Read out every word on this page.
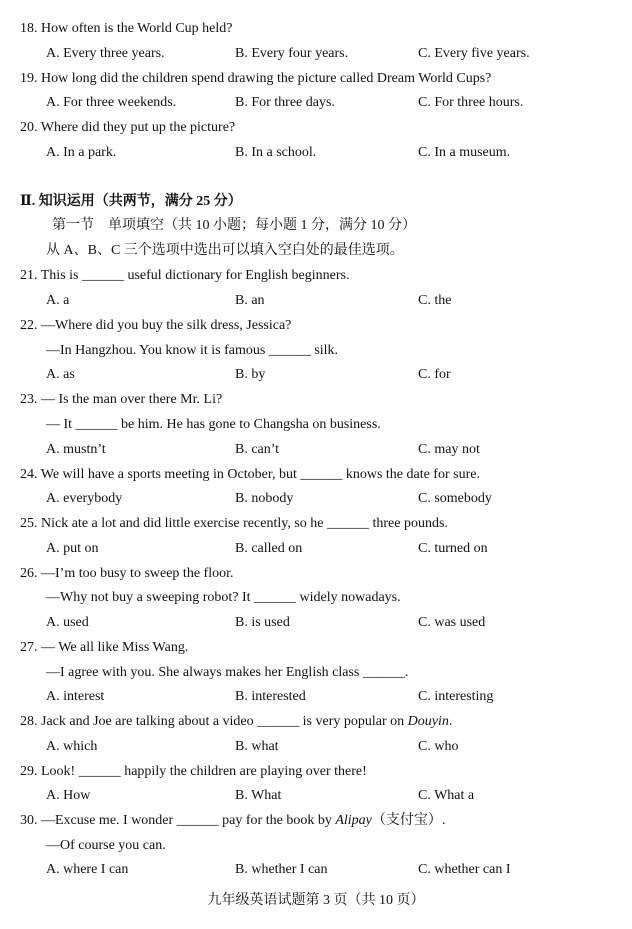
18. How often is the World Cup held?
A. Every three years.	B. Every four years.	C. Every five years.
19. How long did the children spend drawing the picture called Dream World Cups?
A. For three weekends.	B. For three days.	C. For three hours.
20. Where did they put up the picture?
A. In a park.	B. In a school.	C. In a museum.
Ⅱ. 知识运用（共两节，满分 25 分）
第一节　单项填空（共 10 小题；每小题 1 分，满分 10 分）
从 A、B、C 三个选项中选出可以填入空白处的最佳选项。
21. This is ______ useful dictionary for English beginners.
A. a	B. an	C. the
22. —Where did you buy the silk dress, Jessica?
—In Hangzhou. You know it is famous ______ silk.
A. as	B. by	C. for
23. — Is the man over there Mr. Li?
— It ______ be him. He has gone to Changsha on business.
A. mustn’t	B. can’t	C. may not
24. We will have a sports meeting in October, but ______ knows the date for sure.
A. everybody	B. nobody	C. somebody
25. Nick ate a lot and did little exercise recently, so he ______ three pounds.
A. put on	B. called on	C. turned on
26. —I’m too busy to sweep the floor.
—Why not buy a sweeping robot? It ______ widely nowadays.
A. used	B. is used	C. was used
27. — We all like Miss Wang.
—I agree with you. She always makes her English class ______.
A. interest	B. interested	C. interesting
28. Jack and Joe are talking about a video ______ is very popular on Douyin.
A. which	B. what	C. who
29. Look! ______ happily the children are playing over there!
A. How	B. What	C. What a
30. —Excuse me. I wonder ______ pay for the book by Alipay（支付宝）.
—Of course you can.
A. where I can	B. whether I can	C. whether can I
九年级英语试题第 3 页（共 10 页）
